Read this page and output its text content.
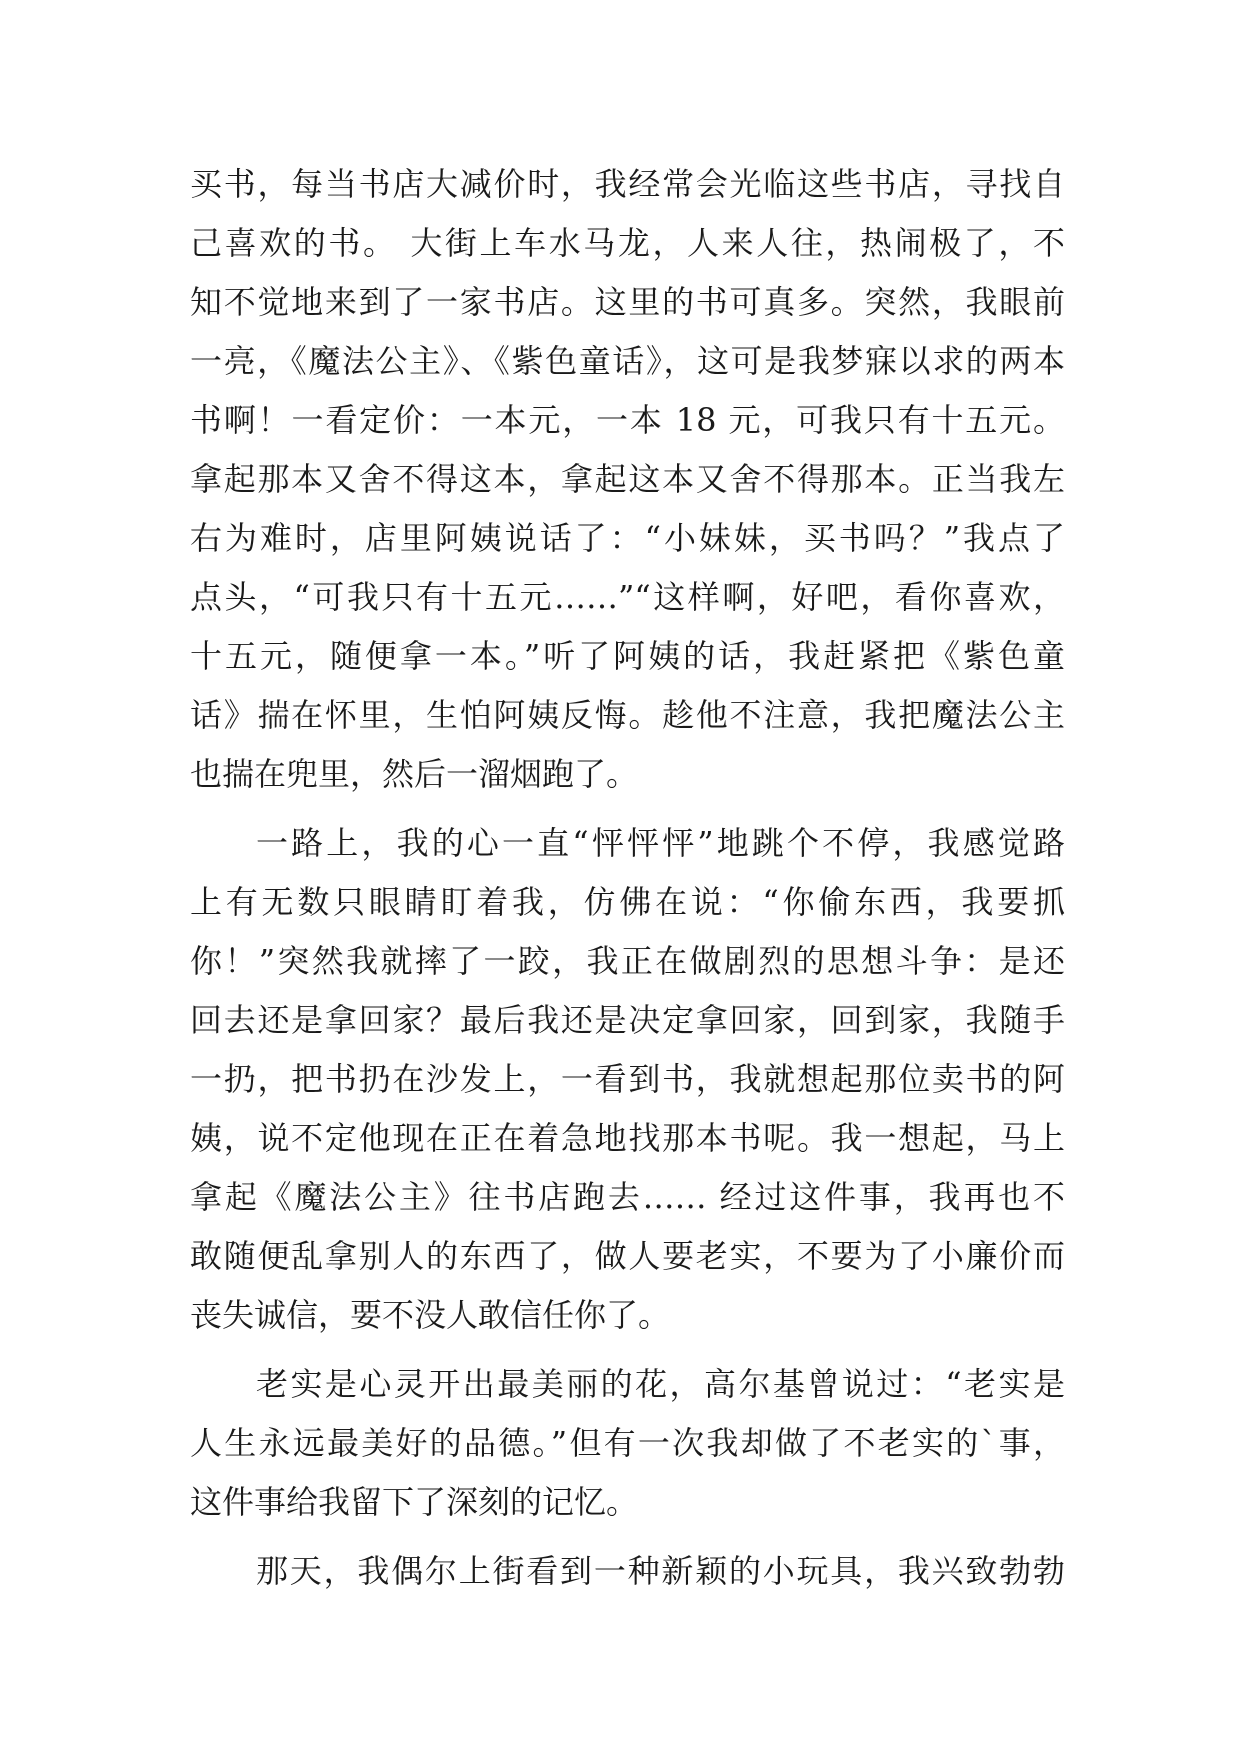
买书，每当书店大减价时，我经常会光临这些书店，寻找自
己喜欢的书。 大街上车水马龙，人来人往，热闹极了，不
知不觉地来到了一家书店。这里的书可真多。突然，我眼前
一亮，《魔法公主》、《紫色童话》，这可是我梦寐以求的两本
书啊！一看定价：一本元，一本 18 元，可我只有十五元。
拿起那本又舍不得这本，拿起这本又舍不得那本。正当我左
右为难时，店里阿姨说话了：“小妹妹，买书吗？”我点了
点头，“可我只有十五元……”“这样啊，好吧，看你喜欢，
十五元，随便拿一本。”听了阿姨的话，我赶紧把《紫色童
话》揣在怀里，生怕阿姨反悔。趁他不注意，我把魔法公主
也揣在兜里，然后一溜烟跑了。
一路上，我的心一直“怦怦怦”地跳个不停，我感觉路
上有无数只眼睛盯着我，仿佛在说：“你偷东西，我要抓
你！”突然我就摔了一跤，我正在做剧烈的思想斗争：是还
回去还是拿回家？最后我还是决定拿回家，回到家，我随手
一扔，把书扔在沙发上，一看到书，我就想起那位卖书的阿
姨，说不定他现在正在着急地找那本书呢。我一想起，马上
拿起《魔法公主》往书店跑去…… 经过这件事，我再也不
敢随便乱拿别人的东西了，做人要老实，不要为了小廉价而
丧失诚信，要不没人敢信任你了。
老实是心灵开出最美丽的花，高尔基曾说过：“老实是
人生永远最美好的品德。”但有一次我却做了不老实的`事，
这件事给我留下了深刻的记忆。
那天，我偶尔上街看到一种新颖的小玩具，我兴致勃勃
